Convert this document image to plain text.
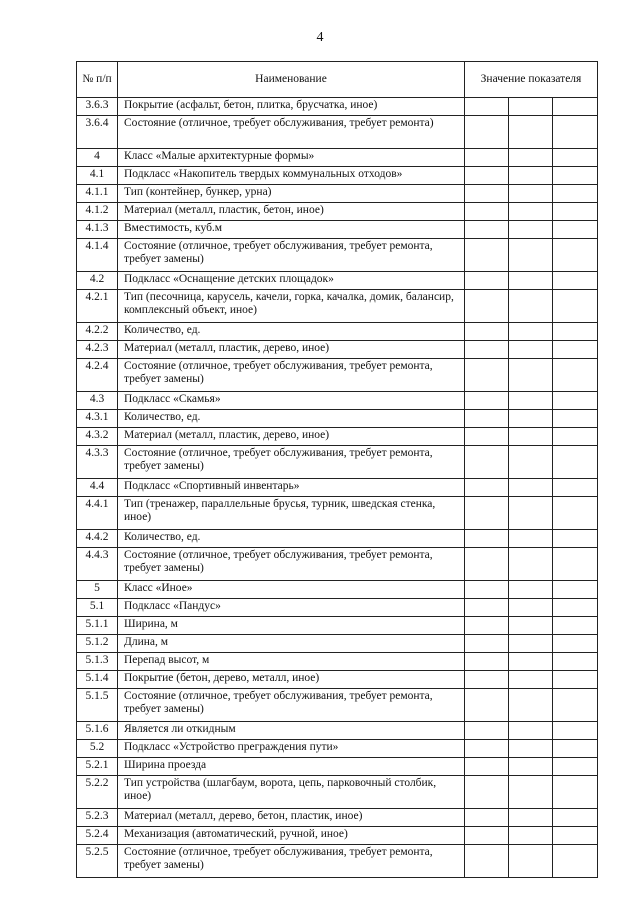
4
№ п/п	Наименование	Значение показателя		
3.6.3	Покрытие (асфальт, бетон, плитка, брусчатка, иное)			
3.6.4	Состояние (отличное, требует обслуживания, требует ремонта)			
4	Класс «Малые архитектурные формы»			
4.1	Подкласс «Накопитель твердых коммунальных отходов»			
4.1.1	Тип (контейнер, бункер, урна)			
4.1.2	Материал (металл, пластик, бетон, иное)			
4.1.3	Вместимость, куб.м			
4.1.4	Состояние (отличное, требует обслуживания, требует ремонта, требует замены)			
4.2	Подкласс «Оснащение детских площадок»			
4.2.1	Тип (песочница, карусель, качели, горка, качалка, домик, балансир, комплексный объект, иное)			
4.2.2	Количество, ед.			
4.2.3	Материал (металл, пластик, дерево, иное)			
4.2.4	Состояние (отличное, требует обслуживания, требует ремонта, требует замены)			
4.3	Подкласс «Скамья»			
4.3.1	Количество, ед.			
4.3.2	Материал (металл, пластик, дерево, иное)			
4.3.3	Состояние (отличное, требует обслуживания, требует ремонта, требует замены)			
4.4	Подкласс «Спортивный инвентарь»			
4.4.1	Тип (тренажер, параллельные брусья, турник, шведская стенка, иное)			
4.4.2	Количество, ед.			
4.4.3	Состояние (отличное, требует обслуживания, требует ремонта, требует замены)			
5	Класс «Иное»			
5.1	Подкласс «Пандус»			
5.1.1	Ширина, м			
5.1.2	Длина, м			
5.1.3	Перепад высот, м			
5.1.4	Покрытие (бетон, дерево, металл, иное)			
5.1.5	Состояние (отличное, требует обслуживания, требует ремонта, требует замены)			
5.1.6	Является ли откидным			
5.2	Подкласс «Устройство преграждения пути»			
5.2.1	Ширина проезда			
5.2.2	Тип устройства (шлагбаум, ворота, цепь, парковочный столбик, иное)			
5.2.3	Материал (металл, дерево, бетон, пластик, иное)			
5.2.4	Механизация (автоматический, ручной, иное)			
5.2.5	Состояние (отличное, требует обслуживания, требует ремонта, требует замены)			
